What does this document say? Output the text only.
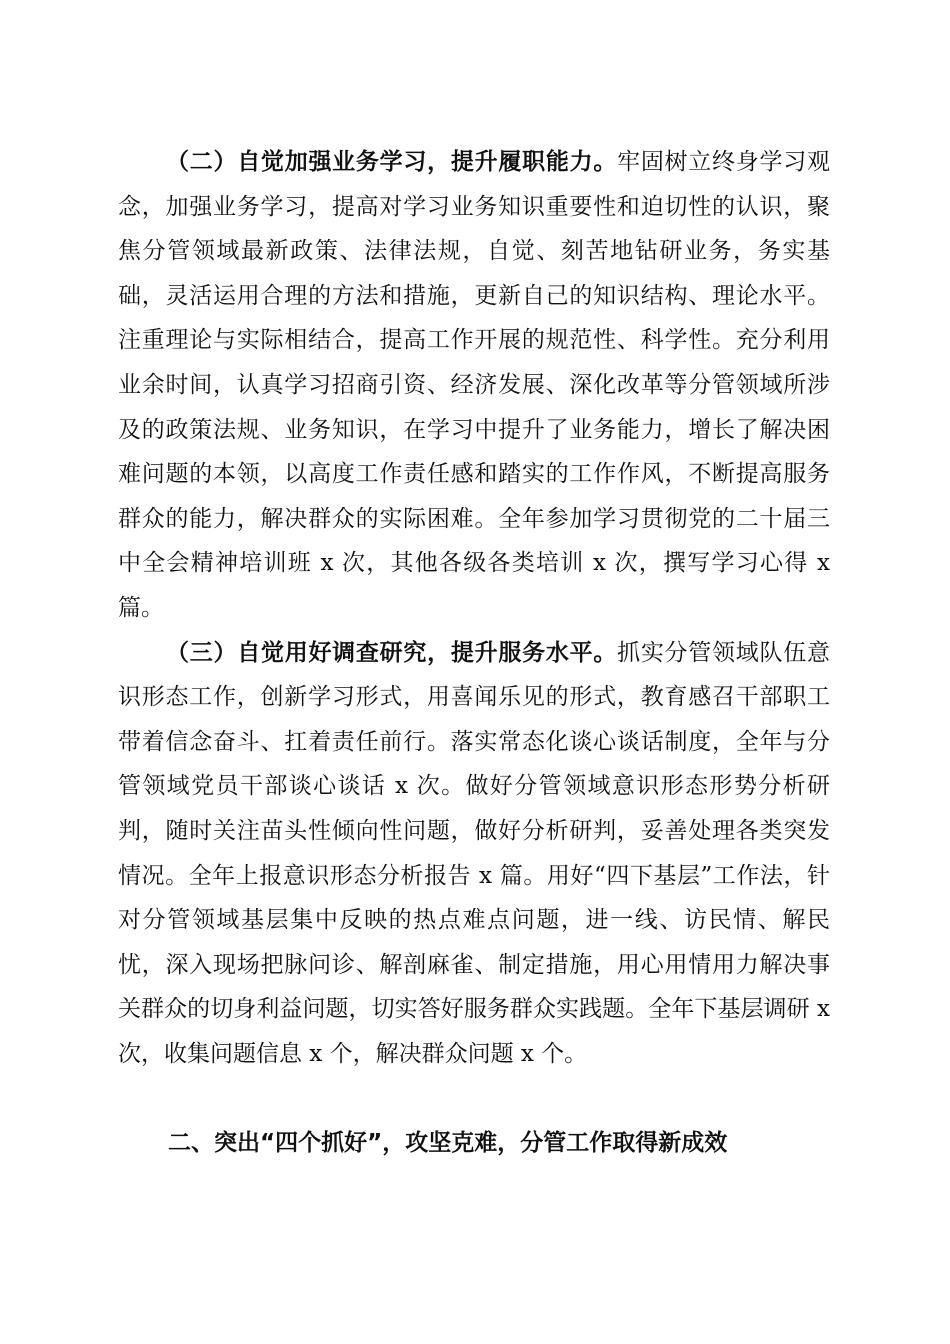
（二）自觉加强业务学习，提升履职能力。牢固树立终身学习观念，加强业务学习，提高对学习业务知识重要性和迫切性的认识，聚焦分管领域最新政策、法律法规，自觉、刻苦地钻研业务，务实基础，灵活运用合理的方法和措施，更新自己的知识结构、理论水平。注重理论与实际相结合，提高工作开展的规范性、科学性。充分利用业余时间，认真学习招商引资、经济发展、深化改革等分管领域所涉及的政策法规、业务知识，在学习中提升了业务能力，增长了解决困难问题的本领，以高度工作责任感和踏实的工作作风，不断提高服务群众的能力，解决群众的实际困难。全年参加学习贯彻党的二十届三中全会精神培训班 x 次，其他各级各类培训 x 次，撰写学习心得 x 篇。

（三）自觉用好调查研究，提升服务水平。抓实分管领域队伍意识形态工作，创新学习形式，用喜闻乐见的形式，教育感召干部职工带着信念奋斗、扛着责任前行。落实常态化谈心谈话制度，全年与分管领域党员干部谈心谈话 x 次。做好分管领域意识形态形势分析研判，随时关注苗头性倾向性问题，做好分析研判，妥善处理各类突发情况。全年上报意识形态分析报告 x 篇。用好“四下基层”工作法，针对分管领域基层集中反映的热点难点问题，进一线、访民情、解民忧，深入现场把脉问诊、解剖麻雀、制定措施，用心用情用力解决事关群众的切身利益问题，切实答好服务群众实践题。全年下基层调研 x 次，收集问题信息 x 个，解决群众问题 x 个。

二、突出“四个抓好”，攻坚克难，分管工作取得新成效
